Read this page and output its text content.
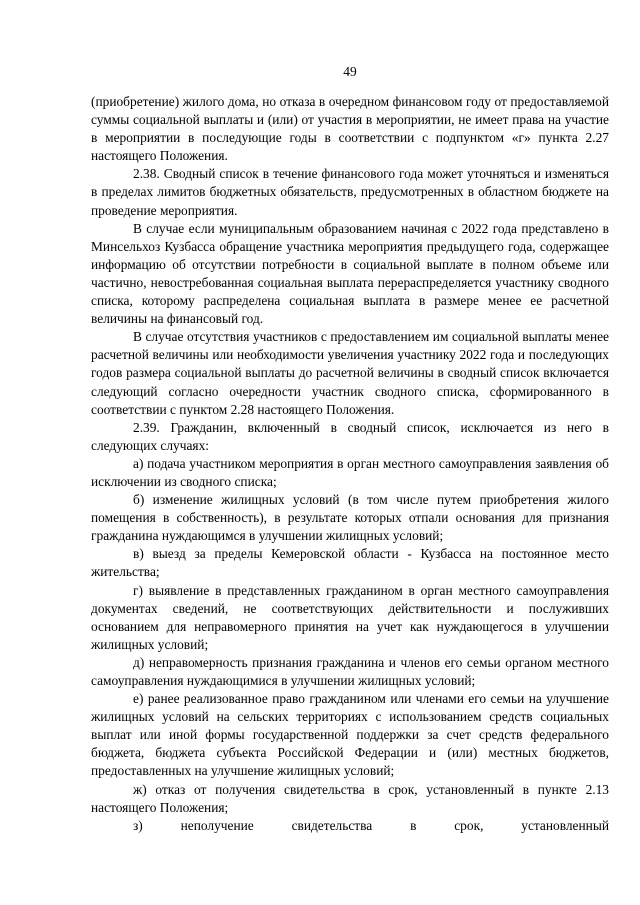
49

(приобретение) жилого дома, но отказа в очередном финансовом году от предоставляемой суммы социальной выплаты и (или) от участия в мероприятии, не имеет права на участие в мероприятии в последующие годы в соответствии с подпунктом «г» пункта 2.27 настоящего Положения.

2.38. Сводный список в течение финансового года может уточняться и изменяться в пределах лимитов бюджетных обязательств, предусмотренных в областном бюджете на проведение мероприятия.

В случае если муниципальным образованием начиная с 2022 года представлено в Минсельхоз Кузбасса обращение участника мероприятия предыдущего года, содержащее информацию об отсутствии потребности в социальной выплате в полном объеме или частично, невостребованная социальная выплата перераспределяется участнику сводного списка, которому распределена социальная выплата в размере менее ее расчетной величины на финансовый год.

В случае отсутствия участников с предоставлением им социальной выплаты менее расчетной величины или необходимости увеличения участнику 2022 года и последующих годов размера социальной выплаты до расчетной величины в сводный список включается следующий согласно очередности участник сводного списка, сформированного в соответствии с пунктом 2.28 настоящего Положения.

2.39. Гражданин, включенный в сводный список, исключается из него в следующих случаях:

а) подача участником мероприятия в орган местного самоуправления заявления об исключении из сводного списка;

б) изменение жилищных условий (в том числе путем приобретения жилого помещения в собственность), в результате которых отпали основания для признания гражданина нуждающимся в улучшении жилищных условий;

в) выезд за пределы Кемеровской области - Кузбасса на постоянное место жительства;

г) выявление в представленных гражданином в орган местного самоуправления документах сведений, не соответствующих действительности и послуживших основанием для неправомерного принятия на учет как нуждающегося в улучшении жилищных условий;

д) неправомерность признания гражданина и членов его семьи органом местного самоуправления нуждающимися в улучшении жилищных условий;

е) ранее реализованное право гражданином или членами его семьи на улучшение жилищных условий на сельских территориях с использованием средств социальных выплат или иной формы государственной поддержки за счет средств федерального бюджета, бюджета субъекта Российской Федерации и (или) местных бюджетов, предоставленных на улучшение жилищных условий;

ж) отказ от получения свидетельства в срок, установленный в пункте 2.13 настоящего Положения;

з) неполучение свидетельства в срок, установленный
